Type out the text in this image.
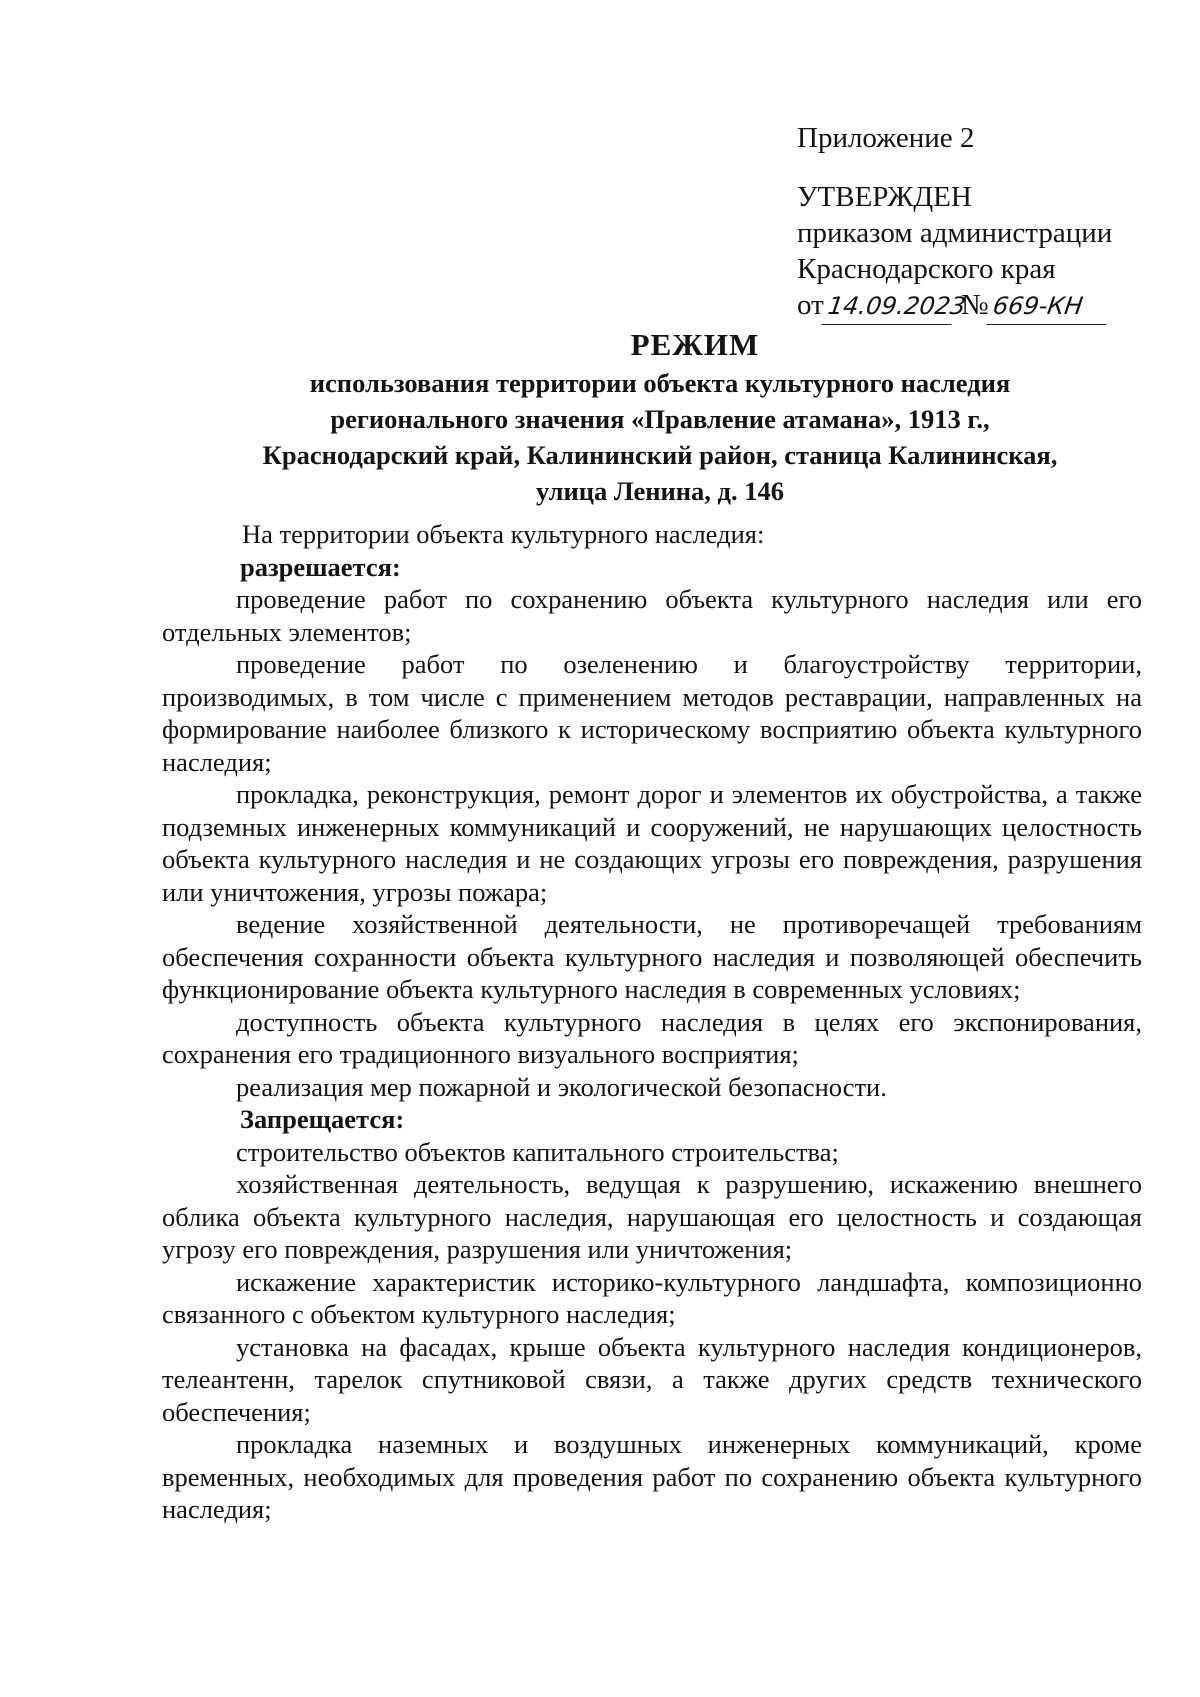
Приложение 2
УТВЕРЖДЕН
приказом администрации
Краснодарского края
от14.09.2023 №669-КН
РЕЖИМ
использования территории объекта культурного наследия
регионального значения «Правление атамана», 1913 г.,
Краснодарский край, Калининский район, станица Калининская,
улица Ленина, д. 146

На территории объекта культурного наследия:

разрешается:

проведение работ по сохранению объекта культурного наследия или его отдельных элементов;

проведение работ по озеленению и благоустройству территории, производимых, в том числе с применением методов реставрации, направленных на формирование наиболее близкого к историческому восприятию объекта культурного наследия;

прокладка, реконструкция, ремонт дорог и элементов их обустройства, а также подземных инженерных коммуникаций и сооружений, не нарушающих целостность объекта культурного наследия и не создающих угрозы его повреждения, разрушения или уничтожения, угрозы пожара;

ведение хозяйственной деятельности, не противоречащей требованиям обеспечения сохранности объекта культурного наследия и позволяющей обеспечить функционирование объекта культурного наследия в современных условиях;

доступность объекта культурного наследия в целях его экспонирования, сохранения его традиционного визуального восприятия;

реализация мер пожарной и экологической безопасности.

Запрещается:

строительство объектов капитального строительства;

хозяйственная деятельность, ведущая к разрушению, искажению внешнего облика объекта культурного наследия, нарушающая его целостность и создающая угрозу его повреждения, разрушения или уничтожения;

искажение характеристик историко-культурного ландшафта, композиционно связанного с объектом культурного наследия;

установка на фасадах, крыше объекта культурного наследия кондиционеров, телеантенн, тарелок спутниковой связи, а также других средств технического обеспечения;

прокладка наземных и воздушных инженерных коммуникаций, кроме временных, необходимых для проведения работ по сохранению объекта культурного наследия;
